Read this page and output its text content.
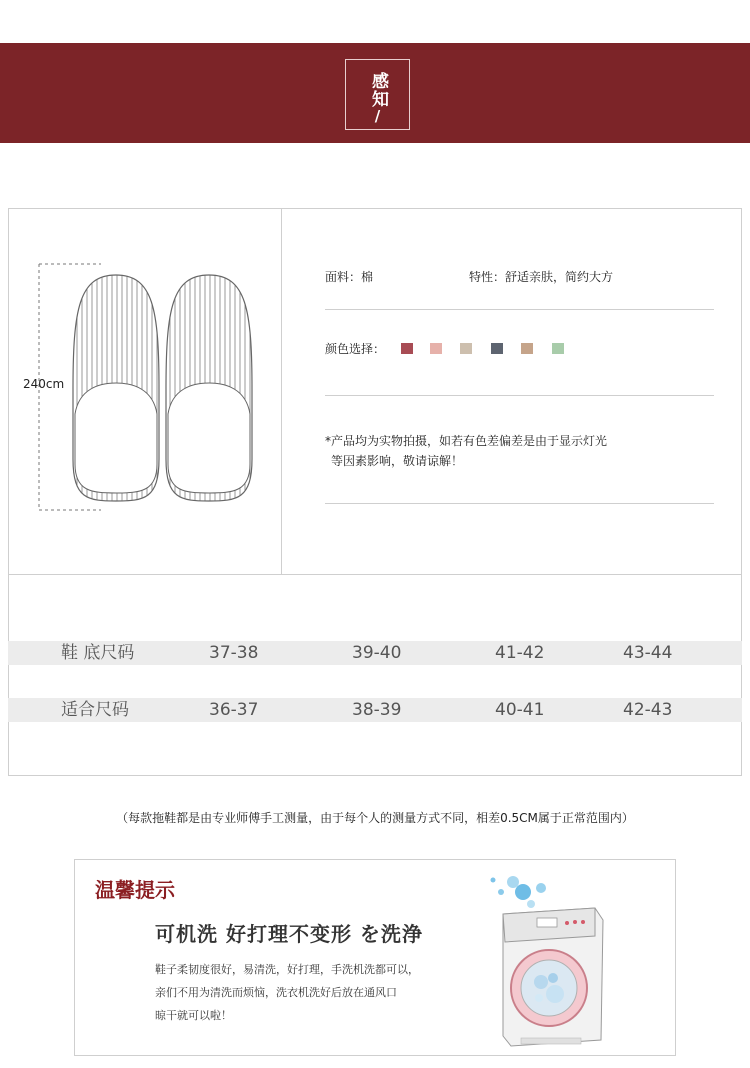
感知
/
240cm
面料：棉	特性：舒适亲肤，简约大方
颜色选择：
*产品均为实物拍摄，如若有色差偏差是由于显示灯光
等因素影响，敬请谅解！
鞋 底尺码	37-38	39-40	41-42	43-44
适合尺码	36-37	38-39	40-41	42-43
（每款拖鞋都是由专业师傅手工测量，由于每个人的测量方式不同，相差0.5CM属于正常范围内）
温馨提示
可机洗 好打理不变形 を洗浄
鞋子柔韧度很好，易清洗，好打理，手洗机洗都可以，
亲们不用为清洗而烦恼，洗衣机洗好后放在通风口
晾干就可以啦！
